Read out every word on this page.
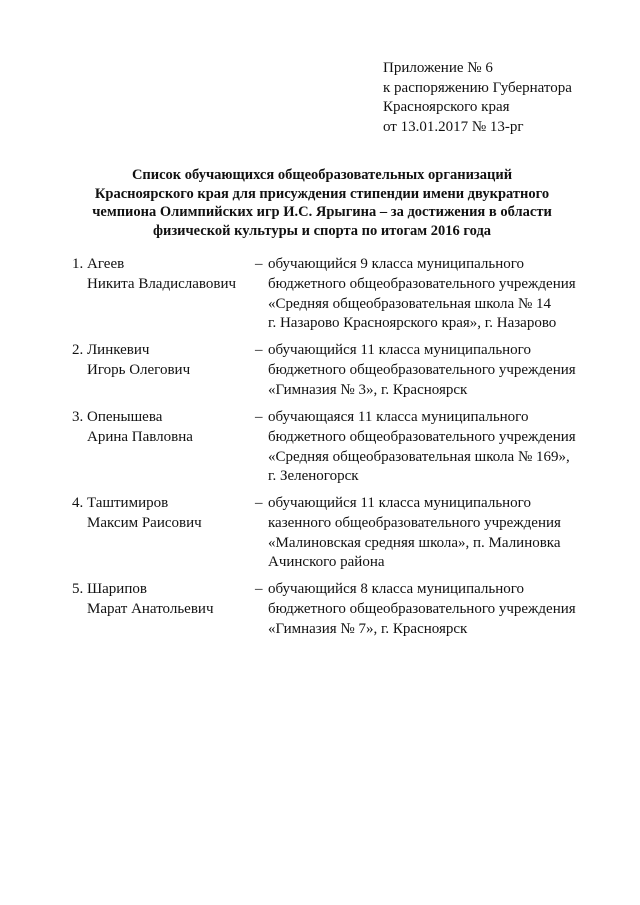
Приложение № 6
к распоряжению Губернатора
Красноярского края
от 13.01.2017 № 13-рг
Список обучающихся общеобразовательных организаций
Красноярского края для присуждения стипендии имени двукратного
чемпиона Олимпийских игр И.С. Ярыгина – за достижения в области
физической культуры и спорта по итогам 2016 года
1. Агеев
Никита Владиславович
– обучающийся 9 класса муниципального
бюджетного общеобразовательного учреждения
«Средняя общеобразовательная школа № 14
г. Назарово Красноярского края», г. Назарово
2. Линкевич
Игорь Олегович
– обучающийся 11 класса муниципального
бюджетного общеобразовательного учреждения
«Гимназия № 3», г. Красноярск
3. Опенышева
Арина Павловна
– обучающаяся 11 класса муниципального
бюджетного общеобразовательного учреждения
«Средняя общеобразовательная школа № 169»,
г. Зеленогорск
4. Таштимиров
Максим Раисович
– обучающийся 11 класса муниципального
казенного общеобразовательного учреждения
«Малиновская средняя школа», п. Малиновка
Ачинского района
5. Шарипов
Марат Анатольевич
– обучающийся 8 класса муниципального
бюджетного общеобразовательного учреждения
«Гимназия № 7», г. Красноярск
